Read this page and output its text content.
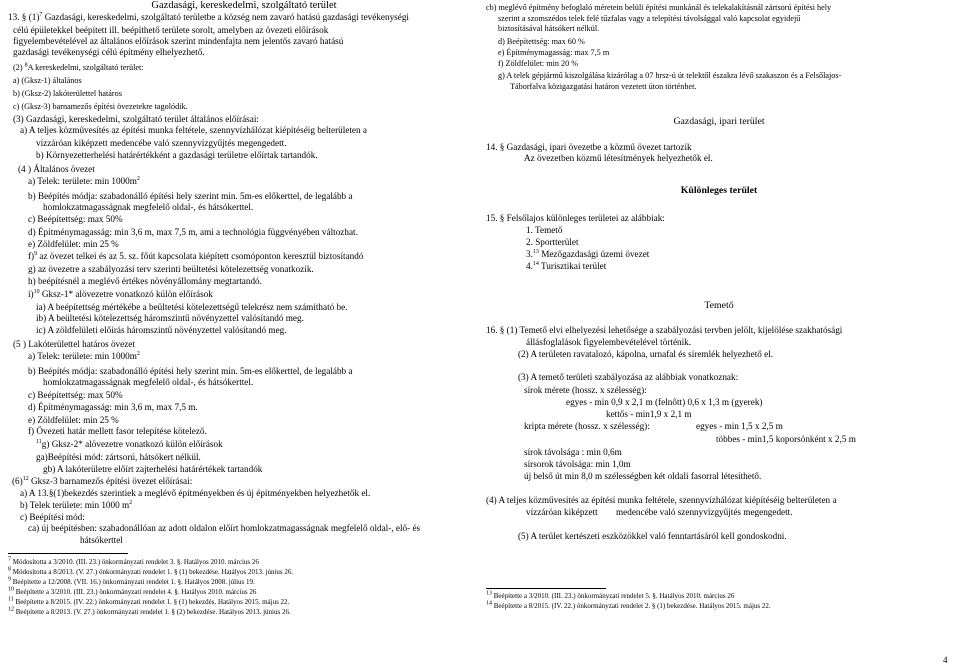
Gazdasági, kereskedelmi, szolgáltató terület
13. § $(1)^7$ Gazdasági, kereskedelmi, szolgáltató területbe a község nem zavaró hatású gazdasági tevékenységi
célú épületekkel beépített ill. beépíthető területe sorolt, amelyben az övezeti előírások
figyelembevételével az általános előírások szerint mindenfajta nem jelentős zavaró hatású
gazdasági tevékenységi célú építmény elhelyezhető.
(2) $^8$A kereskedelmi, szolgáltató terület:
a) (Gksz-1) általános
b) (Gksz-2) lakóterülettel határos
c) (Gksz-3) barnamezős építési övezetekre tagolódik.
(3) Gazdasági, kereskedelmi, szolgáltató terület általános előírásai:
a) A teljes közművesítés az építési munka feltétele, szennyvízhálózat kiépítéséig belterületen a
vízzáróan kiképzett medencébe való szennyvízgyűjtés megengedett.
b) Környezetterhelési határértékként a gazdasági területre előírtak tartandók.
(4 ) Általános övezet
a) Telek: területe: $\min 1000m^2$
b) Beépítés módja: szabadonálló építési hely szerint min. 5m-es előkerttel, de legalább a
homlokzatmagasságnak megfelelő oldal-, és hátsókerttel.
c) Beépítettség: max 50%
d) Építménymagasság: min 3,6 m, max 7,5 m, ami a technológia függvényében változhat.
e) Zöldfelület: min 25 %
f)$^9$ az övezet telkei és az 5. sz. főút kapcsolata kiépített csomóponton keresztül biztosítandó
g) az övezetre a szabályozási terv szerinti beültetési kötelezettség vonatkozik.
h) beépítésnél a meglévő értékes növényállomány megtartandó.
i)$^{10}$ Gksz-1* alövezetre vonatkozó külön előírások
ia) A beépítettség mértékébe a beültetési kötelezettségű telekrész nem számítható be.
ib) A beültetési kötelezettség háromszintű növényzettel valósítandó meg.
ic) A zöldfelületi előírás háromszintű növényzettel valósítandó meg.
(5 ) Lakóterülettel határos övezet
a) Telek: területe: $\min 1000m^2$
b) Beépítés módja: szabadonálló építési hely szerint min. 5m-es előkerttel, de legalább a
homlokzatmagasságnak megfelelő oldal-, és hátsókerttel.
c) Beépítettség: max 50%
d) Építménymagasság: min 3,6 m, max 7,5 m.
e) Zöldfelület: min 25 %
f) Övezeti határ mellett fasor telepítése kötelező.
$^{11}$g) Gksz-2* alövezetre vonatkozó külön előírások
ga)Beépítési mód: zártsorú, hátsókert nélkül.
gb) A lakóterületre előírt zajterhelési határértékek tartandók
$(6)^{12}$ Gksz-3 barnamezős építési övezet előírásai:
a) A 13.§(1)bekezdés szerintiek a meglévő építményekben és új építményekben helyezhetők el.
b) Telek területe: min 1000 $m^2$
c) Beépítési mód:
ca) új beépítésben: szabadonállóan az adott oldalon előírt homlokzatmagasságnak megfelelő oldal-, elő- és
hátsókerttel
$^7$ Módosította a 3/2010. (III. 23.) önkormányzati rendelet 3. §. Hatályos 2010. március 26
$^8$ Módosította a 8/2013. (V. 27.) önkormányzati rendelet 1. § (1) bekezdése. Hatályos 2013. június 26.
$^9$ Beépítette a 12/2008. (VII. 16.) önkormányzati rendelet 1. §. Hatályos 2008. július 19.
$^{10}$ Beépítette a 3/2010. (III. 23.) önkormányzati rendelet 4. §. Hatályos 2010. március 26
$^{11}$ Beépítette a 8/2015. (IV. 22.) önkormányzati rendelet 1. § (1) bekezdés. Hatályos 2015. május 22.
$^{12}$ Beépítette a 8/2013. (V. 27.) önkormányzati rendelet 1. § (2) bekezdése. Hatályos 2013. június 26.
cb) meglévő építmény befoglaló méretein belüli építési munkánál és telekalakításnál zártsorú építési hely
szerint a szomszédos telek felé tűzfalas vagy a telepítési távolsággal való kapcsolat egyidejű
biztosításával hátsókert nélkül.
d) Beépítettség: max 60 %
e) Építménymagasság: max 7,5 m
f) Zöldfelület: min 20 %
g) A telek gépjármű kiszolgálása kizárólag a 07 hrsz-ú út telektől északra lévő szakaszon és a Felsőlajos-
Táborfalva közigazgatási határon vezetett úton történhet.
Gazdasági, ipari terület
14. § Gazdasági, ipari övezetbe a közmű övezet tartozik
Az övezetben közmű létesítmények helyezhetők el.
Különleges terület
15. § Felsőlajos különleges területei az alábbiak:
1. Temető
2. Sportterület
3.13 Mezőgazdasági üzemi övezet
4.14 Turisztikai terület
Temető
16. § (1) Temető elvi elhelyezési lehetősége a szabályozási tervben jelölt, kijelölése szakhatósági
állásfoglalások figyelembevételével történik.
(2) A területen ravatalozó, kápolna, urnafal és síremlék helyezhető el.
(3) A temető területi szabályozása az alábbiak vonatkoznak:
sírok mérete (hossz. x szélesség):
egyes - min 0,9 x 2,1 m (felnőtt) 0,6 x 1,3 m (gyerek)
kettős - min1,9 x 2,1 m
kripta mérete (hossz. x szélesség):	egyes - min 1,5 x 2,5 m
többes - min1,5 koporsónként x 2,5 m
sírok távolsága : min 0,6m
sírsorok távolsága: min 1,0m
új belső út min 8,0 m szélességben két oldali fasorral létesíthető.
(4) A teljes közművesítés az építési munka feltétele, szennyvízhálózat kiépítéséig belterületen a
vízzáróan kiképzett medencébe való szennyvízgyűjtés megengedett.
(5) A terület kertészeti eszközökkel való fenntartásáról kell gondoskodni.
$^{13}$ Beépítette a 3/2010. (III. 23.) önkormányzati rendelet 5. §. Hatályos 2010. március 26
$^{14}$ Beépítette a 8/2015. (IV. 22.) önkormányzati rendelet 2. § (1) bekezdése. Hatályos 2015. május 22.
4
